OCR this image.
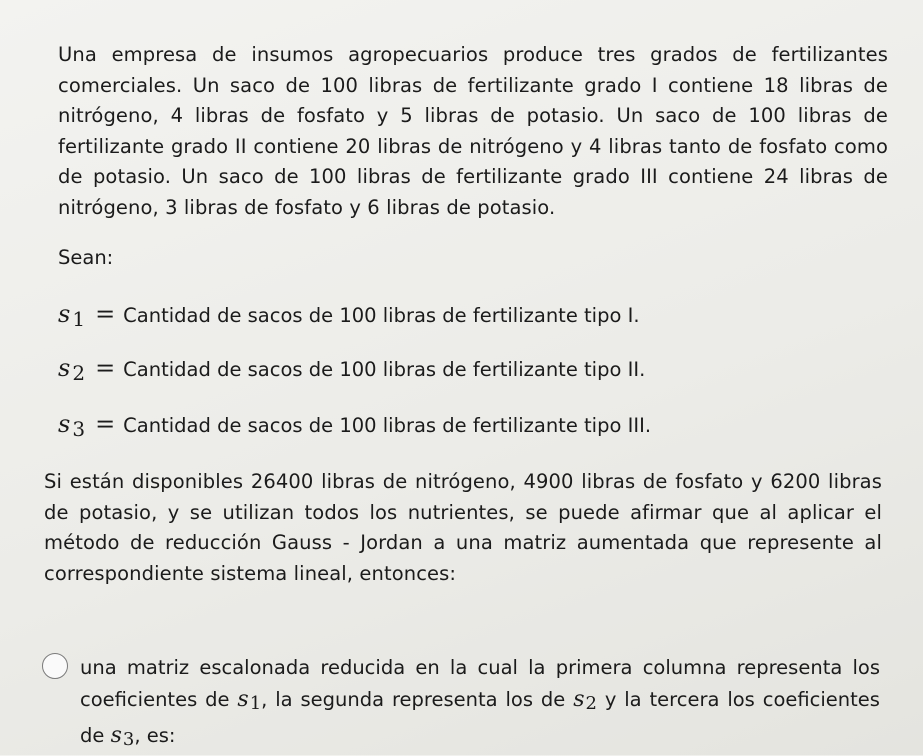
Una empresa de insumos agropecuarios produce tres grados de fertilizantes comerciales. Un saco de 100 libras de fertilizante grado I contiene 18 libras de nitrógeno, 4 libras de fosfato y 5 libras de potasio. Un saco de 100 libras de fertilizante grado II contiene 20 libras de nitrógeno y 4 libras tanto de fosfato como de potasio. Un saco de 100 libras de fertilizante grado III contiene 24 libras de nitrógeno, 3 libras de fosfato y 6 libras de potasio.

Sean:

s $_1$ = Cantidad de sacos de 100 libras de fertilizante tipo I.
s $_2$ = Cantidad de sacos de 100 libras de fertilizante tipo II.
s $_3$ = Cantidad de sacos de 100 libras de fertilizante tipo III.

Si están disponibles 26400 libras de nitrógeno, 4900 libras de fosfato y 6200 libras de potasio, y se utilizan todos los nutrientes, se puede afirmar que al aplicar el método de reducción Gauss - Jordan a una matriz aumentada que represente al correspondiente sistema lineal, entonces:

una matriz escalonada reducida en la cual la primera columna representa los coeficientes de $s_1$, la segunda representa los de $s_2$ y la tercera los coeficientes de $s_3$, es:
